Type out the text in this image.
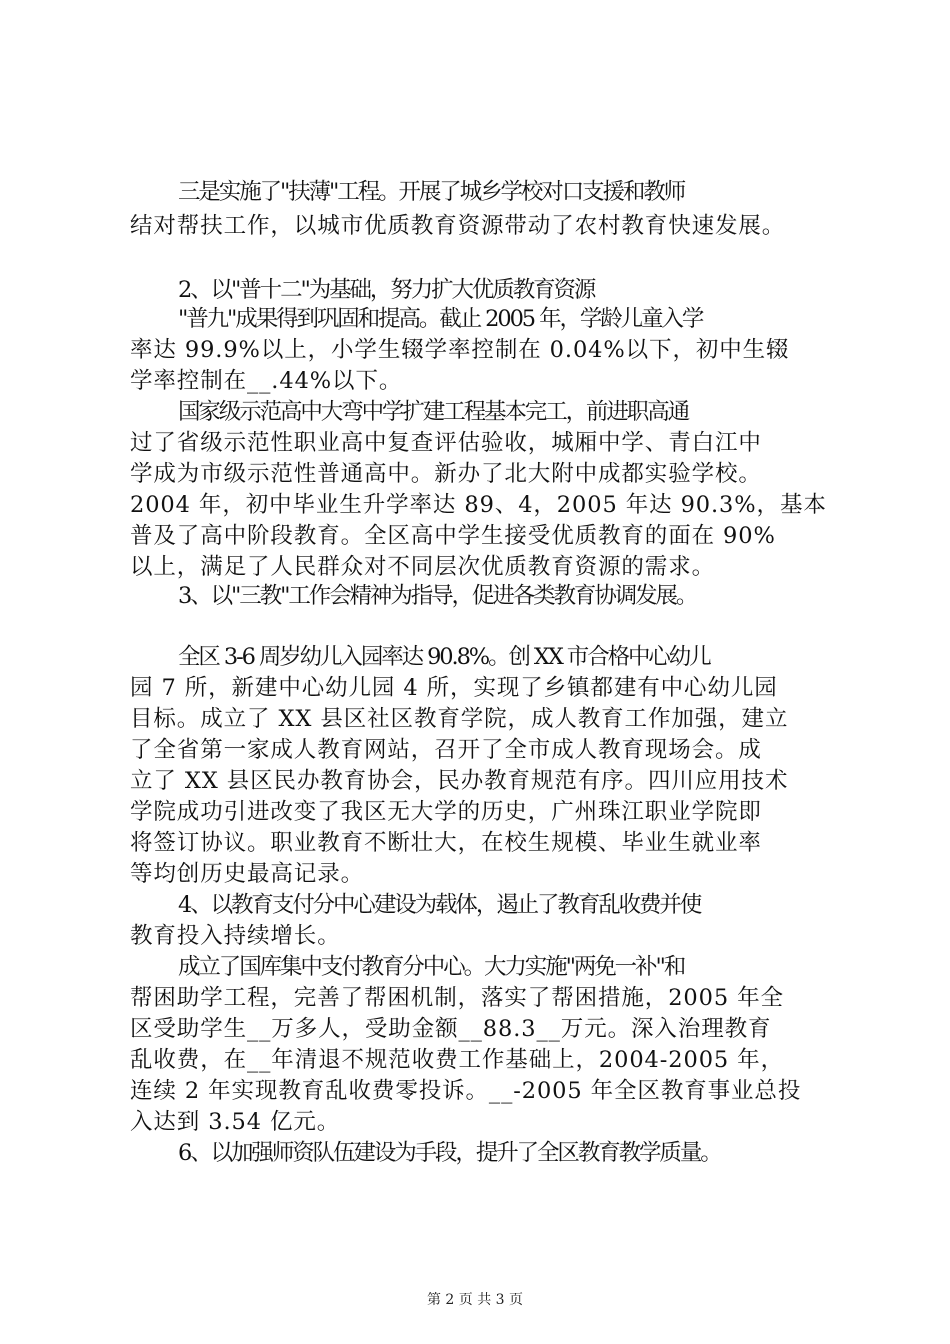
三是实施了"扶薄"工程。开展了城乡学校对口支援和教师
结对帮扶工作，以城市优质教育资源带动了农村教育快速发展。
2、以"普十二"为基础，努力扩大优质教育资源
"普九"成果得到巩固和提高。截止 2005 年，学龄儿童入学
率达 99.9%以上，小学生辍学率控制在 0.04%以下，初中生辍
学率控制在__.44%以下。
国家级示范高中大弯中学扩建工程基本完工，前进职高通
过了省级示范性职业高中复查评估验收，城厢中学、青白江中
学成为市级示范性普通高中。新办了北大附中成都实验学校。
2004 年，初中毕业生升学率达 89、4，2005 年达 90.3%，基本
普及了高中阶段教育。全区高中学生接受优质教育的面在 90%
以上，满足了人民群众对不同层次优质教育资源的需求。
3、以"三教"工作会精神为指导，促进各类教育协调发展。
全区 3-6 周岁幼儿入园率达 90.8%。创 XX 市合格中心幼儿
园 7 所，新建中心幼儿园 4 所，实现了乡镇都建有中心幼儿园
目标。成立了 XX 县区社区教育学院，成人教育工作加强，建立
了全省第一家成人教育网站，召开了全市成人教育现场会。成
立了 XX 县区民办教育协会，民办教育规范有序。四川应用技术
学院成功引进改变了我区无大学的历史，广州珠江职业学院即
将签订协议。职业教育不断壮大，在校生规模、毕业生就业率
等均创历史最高记录。
4、以教育支付分中心建设为载体，遏止了教育乱收费并使
教育投入持续增长。
成立了国库集中支付教育分中心。大力实施"两免一补"和
帮困助学工程，完善了帮困机制，落实了帮困措施，2005 年全
区受助学生__万多人，受助金额__88.3__万元。深入治理教育
乱收费，在__年清退不规范收费工作基础上，2004-2005 年，
连续 2 年实现教育乱收费零投诉。__-2005 年全区教育事业总投
入达到 3.54 亿元。
6、以加强师资队伍建设为手段，提升了全区教育教学质量。
第 2 页 共 3 页
